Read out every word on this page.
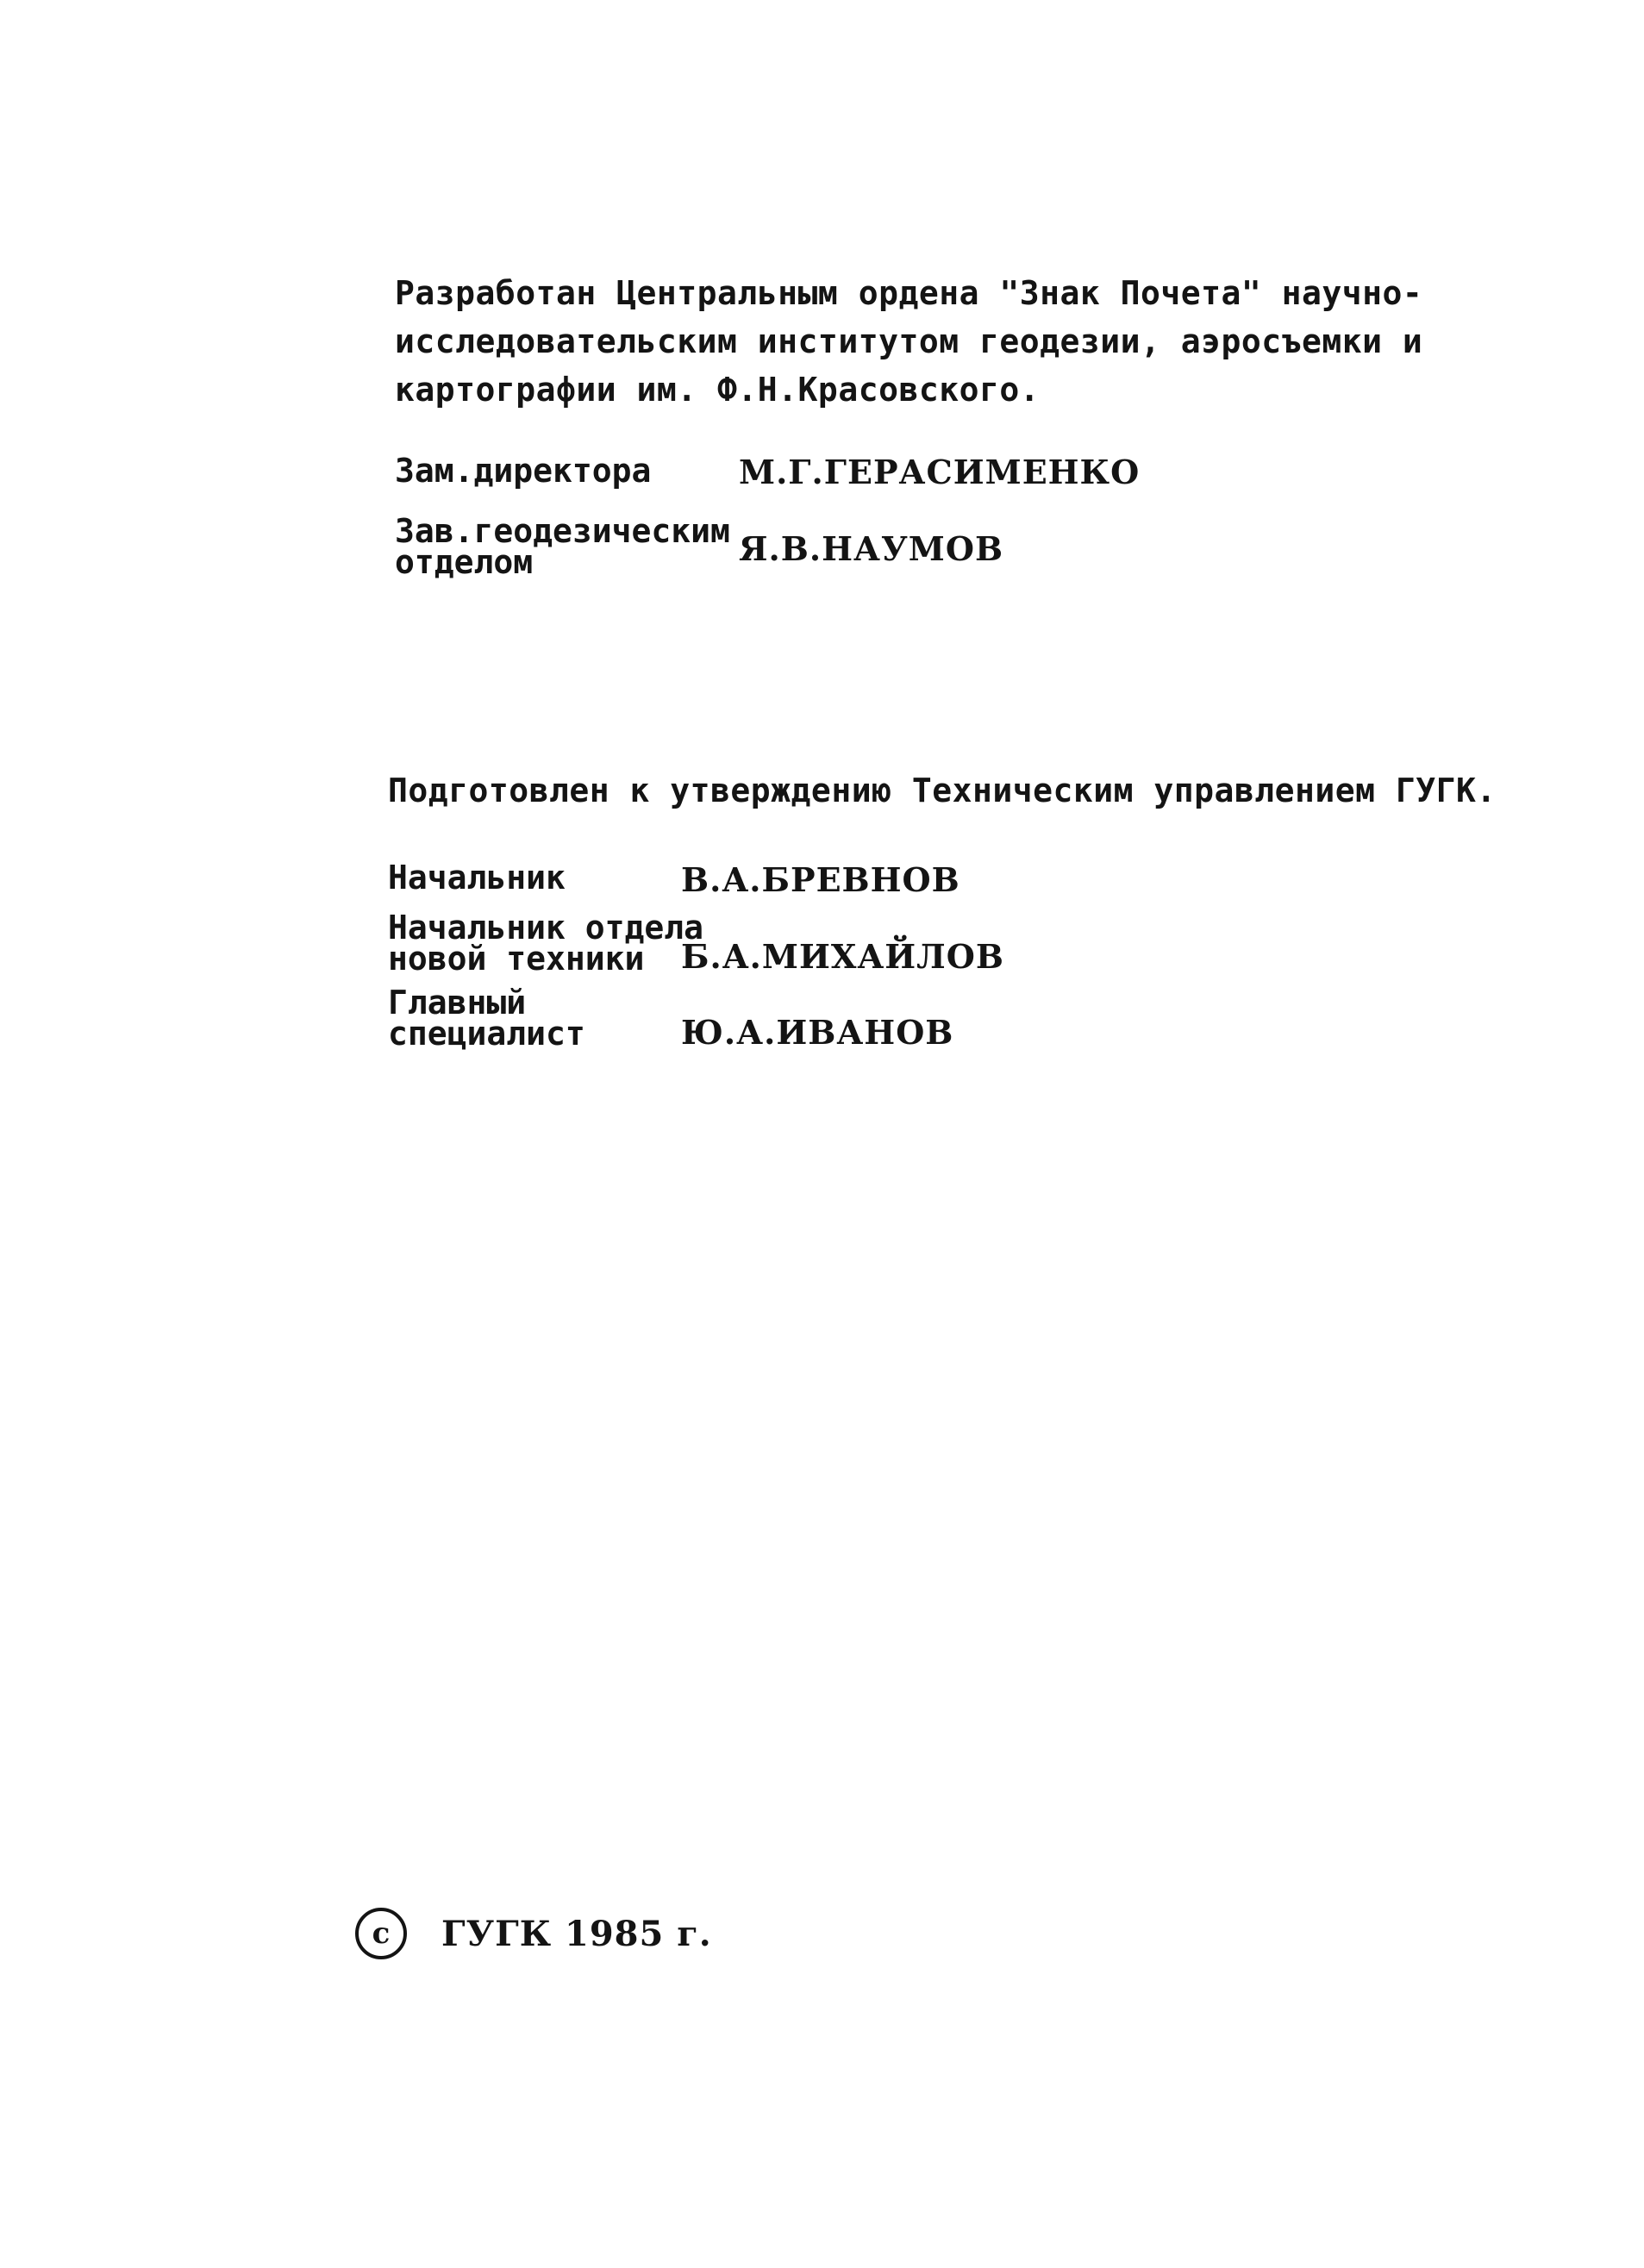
Разработан Центральным ордена "Знак Почета" научно-
исследовательским институтом геодезии, аэросъемки и
картографии им. Ф.Н.Красовского.

Зам.директора	М.Г.ГЕРАСИМЕНКО
Зав.геодезическим
отделом	Я.В.НАУМОВ
Подготовлен к утверждению Техническим управлением ГУГК.
Начальник	В.А.БРЕВНОВ
Начальник отдела
новой техники	Б.А.МИХАЙЛОВ
Главный
специалист	Ю.А.ИВАНОВ
c	ГУГК 1985 г.
